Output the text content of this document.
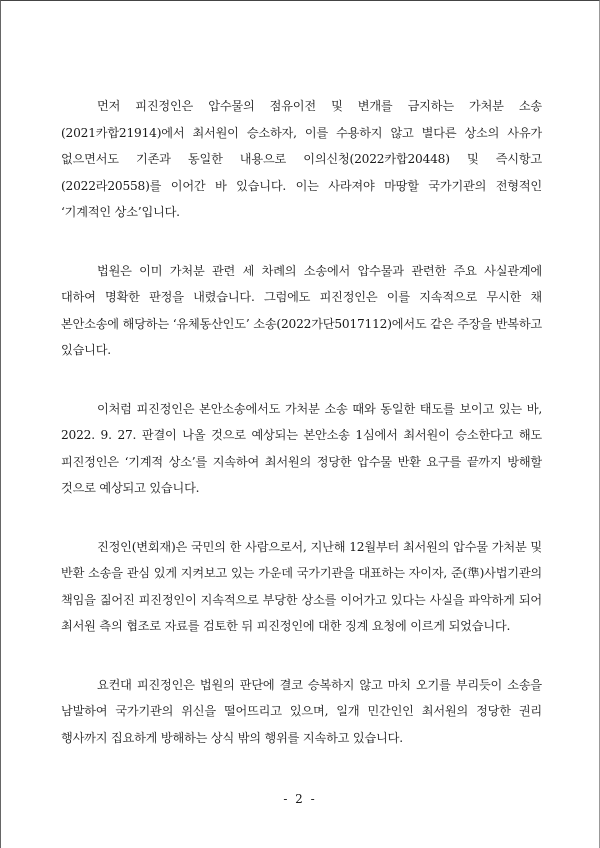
먼저 피진정인은 압수물의 점유이전 및 변개를 금지하는 가처분 소송(2021카합21914)에서 최서원이 승소하자, 이를 수용하지 않고 별다른 상소의 사유가 없으면서도 기존과 동일한 내용으로 이의신청(2022카합20448) 및 즉시항고(2022라20558)를 이어간 바 있습니다. 이는 사라져야 마땅할 국가기관의 전형적인 ‘기계적인 상소’입니다.

법원은 이미 가처분 관련 세 차례의 소송에서 압수물과 관련한 주요 사실관계에 대하여 명확한 판정을 내렸습니다. 그럼에도 피진정인은 이를 지속적으로 무시한 채 본안소송에 해당하는 ‘유체동산인도’ 소송(2022가단5017112)에서도 같은 주장을 반복하고 있습니다.

이처럼 피진정인은 본안소송에서도 가처분 소송 때와 동일한 태도를 보이고 있는 바, 2022. 9. 27. 판결이 나올 것으로 예상되는 본안소송 1심에서 최서원이 승소한다고 해도 피진정인은 ‘기계적 상소’를 지속하여 최서원의 정당한 압수물 반환 요구를 끝까지 방해할 것으로 예상되고 있습니다.

진정인(변회재)은 국민의 한 사람으로서, 지난해 12월부터 최서원의 압수물 가처분 및 반환 소송을 관심 있게 지켜보고 있는 가운데 국가기관을 대표하는 자이자, 준(準)사법기관의 책임을 짊어진 피진정인이 지속적으로 부당한 상소를 이어가고 있다는 사실을 파악하게 되어 최서원 측의 협조로 자료를 검토한 뒤 피진정인에 대한 징계 요청에 이르게 되었습니다.

요컨대 피진정인은 법원의 판단에 결코 승복하지 않고 마치 오기를 부리듯이 소송을 남발하여 국가기관의 위신을 떨어뜨리고 있으며, 일개 민간인인 최서원의 정당한 권리 행사까지 집요하게 방해하는 상식 밖의 행위를 지속하고 있습니다.

- 2 -
